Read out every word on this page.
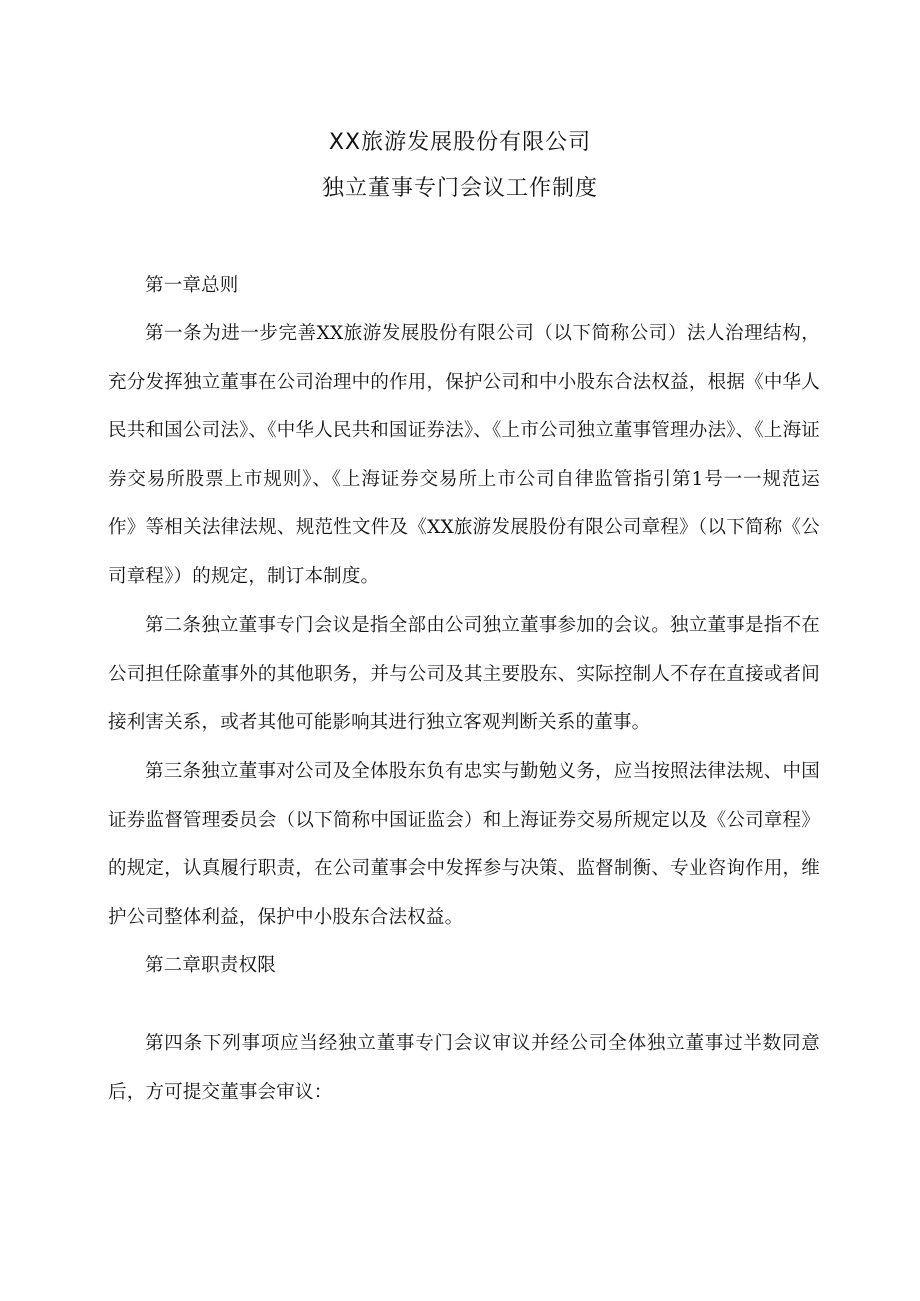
XX旅游发展股份有限公司
独立董事专门会议工作制度
第一章总则
第一条为进一步完善XX旅游发展股份有限公司（以下简称公司）法人治理结构，充分发挥独立董事在公司治理中的作用，保护公司和中小股东合法权益，根据《中华人民共和国公司法》、《中华人民共和国证券法》、《上市公司独立董事管理办法》、《上海证券交易所股票上市规则》、《上海证券交易所上市公司自律监管指引第1号一一规范运作》等相关法律法规、规范性文件及《XX旅游发展股份有限公司章程》（以下简称《公司章程》）的规定，制订本制度。
第二条独立董事专门会议是指全部由公司独立董事参加的会议。独立董事是指不在公司担任除董事外的其他职务，并与公司及其主要股东、实际控制人不存在直接或者间接利害关系，或者其他可能影响其进行独立客观判断关系的董事。
第三条独立董事对公司及全体股东负有忠实与勤勉义务，应当按照法律法规、中国证券监督管理委员会（以下简称中国证监会）和上海证券交易所规定以及《公司章程》的规定，认真履行职责，在公司董事会中发挥参与决策、监督制衡、专业咨询作用，维护公司整体利益，保护中小股东合法权益。
第二章职责权限
第四条下列事项应当经独立董事专门会议审议并经公司全体独立董事过半数同意后，方可提交董事会审议：
